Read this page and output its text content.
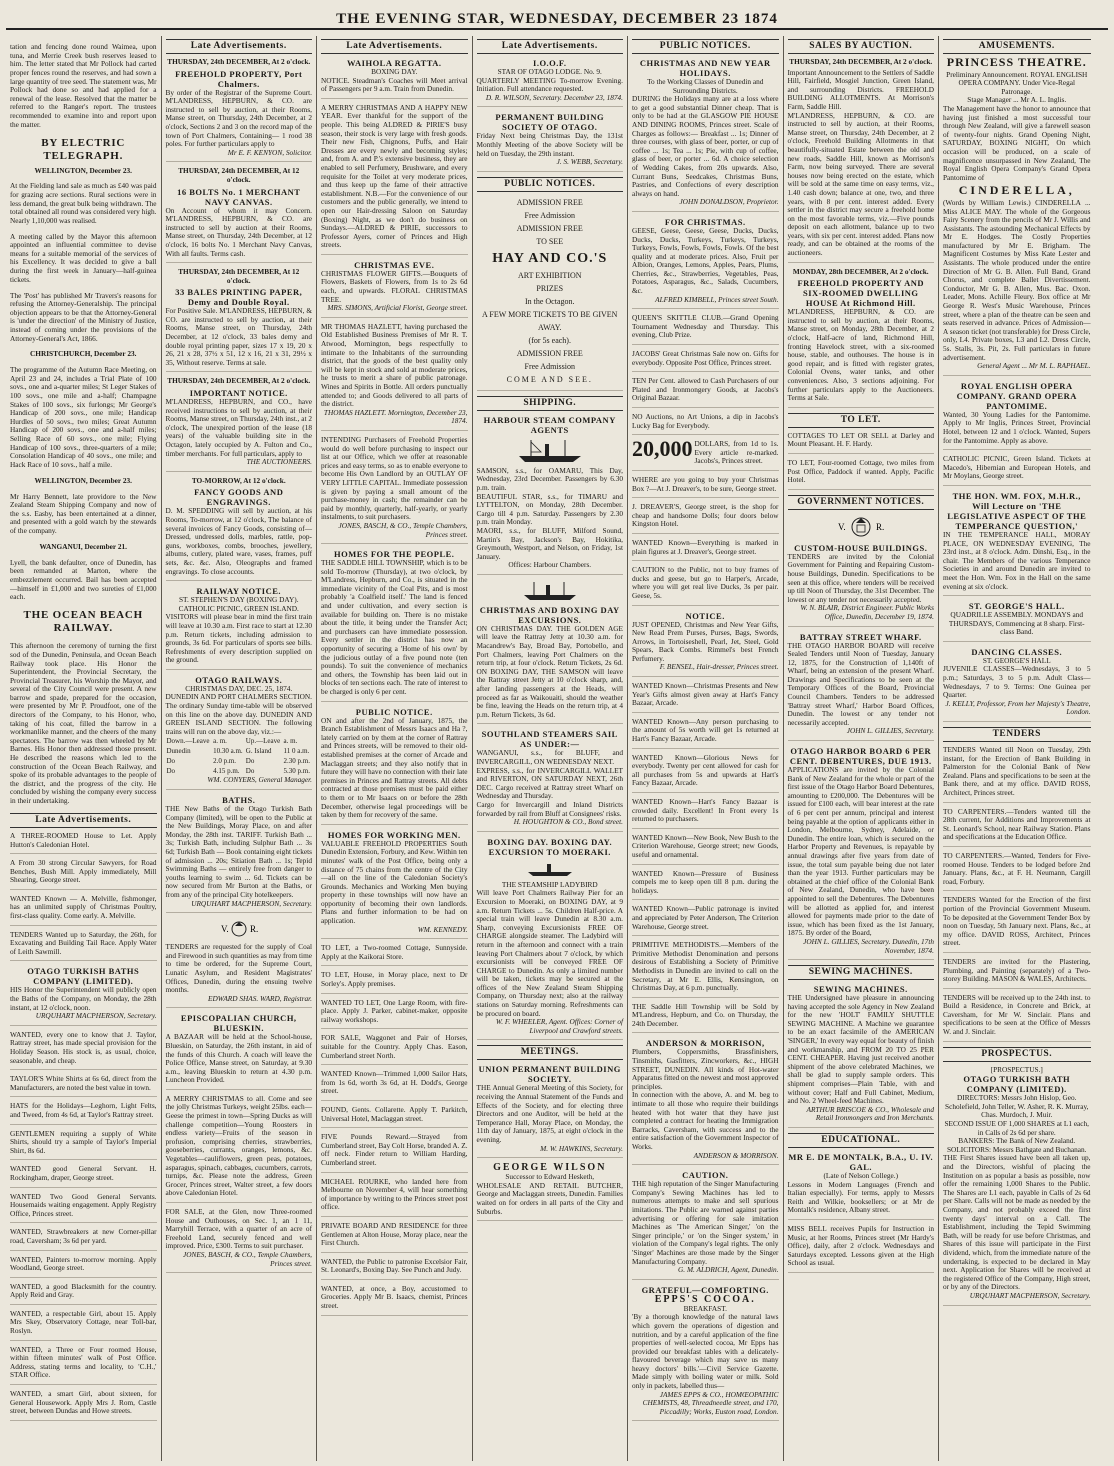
THE EVENING STAR, WEDNESDAY, DECEMBER 23 1874

tation and fencing done round Waimea, upon tuna, and Merrie Creek bush reserves leased to him. The letter stated that Mr Pollock had carted proper fences round the reserves, and had sown a large quantity of tree seed. The statement was, Mr Pollock had done so and had applied for a renewal of the lease. Resolved that the matter be referred to the Ranger's report. The trustees recommended to examine into and report upon the matter.

BY ELECTRIC TELEGRAPH.
WELLINGTON, December 23.

At the Fielding land sale as much as £40 was paid for grazing acre sections. Rural sections were in less demand, the great bulk being withdrawn. The total obtained all round was considered very high. Nearly 1,10,000 was realised.

A meeting called by the Mayor this afternoon appointed an influential committee to devise means for a suitable memorial of the services of his Excellency. It was decided to give a ball during the first week in January—half-guinea tickets.

The 'Post' has published Mr Travers's reasons for refusing the Attorney-Generalship. The principal objection appears to be that the Attorney-General is 'under the direction' of the Ministry of Justice, instead of coming under the provisions of the Attorney-General's Act, 1866.

CHRISTCHURCH, December 23.

The programme of the Autumn Race Meeting, on April 23 and 24, includes a Trial Plate of 100 sovs., one and a-quarter miles; St Leger Stakes of 100 sovs., one mile and a-half; Champagne Stakes of 100 sovs., six furlongs; Mr George's Handicap of 200 sovs., one mile; Handicap Hurdles of 50 sovs., two miles; Great Autumn Handicap of 200 sovs., one and a-half miles; Selling Race of 60 sovs., one mile; Flying Handicap of 100 sovs., three-quarters of a mile; Consolation Handicap of 40 sovs., one mile; and Hack Race of 10 sovs., half a mile.

WELLINGTON, December 23.

Mr Harry Bennett, late providore to the New Zealand Steam Shipping Company and now of the s.s. Easby, has been entertained at a dinner, and presented with a gold watch by the stewards of the company.

WANGANUI, December 21.

Lyell, the bank defaulter, once of Dunedin, has been remanded at Marton, where the embezzlement occurred. Bail has been accepted—himself in £1,000 and two sureties of £1,000 each.

THE OCEAN BEACH RAILWAY.

This afternoon the ceremony of turning the first sod of the Dunedin, Peninsula, and Ocean Beach Railway took place. His Honor the Superintendent, the Provincial Secretary, the Provincial Treasurer, his Worship the Mayor, and several of the City Council were present. A new barrow and spade, prepared for the occasion, were presented by Mr P. Proudfoot, one of the directors of the Company, to his Honor, who, taking of his coat, filled the barrow in a workmanlike manner, and the cheers of the many spectators. The barrow was then wheeled by Mr Barnes. His Honor then addressed those present. He described the reasons which led to the construction of the Ocean Beach Railway, and spoke of its probable advantages to the people of the district, and the progress of the city. He concluded by wishing the company every success in their undertaking.

Late Advertisements.

A THREE-ROOMED House to Let. Apply Hutton's Caledonian Hotel.

A From 30 strong Circular Sawyers, for Road Benches, Bush Mill. Apply immediately, Mill Shearing, George street.

WANTED Known — A. Melville, fishmonger, has an unlimited supply of Christmas Poultry, first-class quality. Come early. A. Melville.

TENDERS Wanted up to Saturday, the 26th, for Excavating and Building Tail Race. Apply Water of Leith Sawmill.

OTAGO TURKISH BATHS COMPANY (LIMITED).

HIS Honor the Superintendent will publicly open the Baths of the Company, on Monday, the 28th instant, at 12 o'clock, noon.

URQUHART MACPHERSON, Secretary.

WANTED, every one to know that J. Taylor, Rattray street, has made special provision for the Holiday Season. His stock is, as usual, choice, seasonable, and cheap.

TAYLOR'S White Shirts at 6s 6d, direct from the Manufacturers, are noted the best value in town.

HATS for the Holidays—Leghorn, Light Felts, and Tweed, from 4s 6d, at Taylor's Rattray street.

GENTLEMEN requiring a supply of White Shirts, should try a sample of Taylor's Imperial Shirt, 8s 6d.

WANTED good General Servant. H. Rockingham, draper, George street.

WANTED Two Good General Servants. Housemaids waiting engagement. Apply Registry Office, Princes street.

WANTED, Strawbreakers at new Corner-pillar road, Caversham; 3s 6d per yard.

WANTED, Painters to-morrow morning. Apply Woodland, George street.

WANTED, a good Blacksmith for the country. Apply Reid and Gray.

WANTED, a respectable Girl, about 15. Apply Mrs Skey, Observatory Cottage, near Toll-bar, Roslyn.

WANTED, a Three or Four roomed House, within fifteen minutes' walk of Post Office. Address, stating terms and locality, to 'C.H.,' STAR Office.

WANTED, a smart Girl, about sixteen, for General Housework. Apply Mrs J. Rom, Castle street, between Dundas and Howe streets.

Late Advertisements.
THURSDAY, 24th DECEMBER, At 2 o'clock.
FREEHOLD PROPERTY, Port Chalmers.

By order of the Registrar of the Supreme Court. M'LANDRESS, HEPBURN, & CO. are instructed to sell by auction, at their Rooms, Manse street, on Thursday, 24th December, at 2 o'clock, Sections 2 and 3 on the record map of the town of Port Chalmers, Containing— 1 rood 38 poles. For further particulars apply to

Mr E. F. KENYON, Solicitor.
THURSDAY, 24th DECEMBER, At 12 o'clock.
16 BOLTS No. 1 MERCHANT NAVY CANVAS.

On Account of whom it may Concern. M'LANDRESS, HEPBURN, & CO. are instructed to sell by auction at their Rooms, Manse street, on Thursday, 24th December, at 12 o'clock, 16 bolts No. 1 Merchant Navy Canvas, With all faults. Terms cash.

THURSDAY, 24th DECEMBER, At 12 o'clock.
33 BALES PRINTING PAPER, Demy and Double Royal.

For Positive Sale. M'LANDRESS, HEPBURN, & CO. are instructed to sell by auction, at their Rooms, Manse street, on Thursday, 24th December, at 12 o'clock, 33 bales demy and double royal printing paper, sizes 17 x 19, 20 x 26, 21 x 28, 37½ x 51, 12 x 16, 21 x 31, 29½ x 35, Without reserve. Terms at sale.

THURSDAY, 24th DECEMBER, At 2 o'clock.
IMPORTANT NOTICE.

M'LANDRESS, HEPBURN, and CO., have received instructions to sell by auction, at their Rooms, Manse street, on Thursday, 24th inst., at 2 o'clock, The unexpired portion of the lease (18 years) of the valuable building site in the Octagon, lately occupied by A. Fulton and Co., timber merchants. For full particulars, apply to

THE AUCTIONEERS.
TO-MORROW, At 12 o'clock.
FANCY GOODS AND ENGRAVINGS.

D. M. SPEDDING will sell by auction, at his Rooms, To-morrow, at 12 o'clock, The balance of several invoices of Fancy Goods, consisting of— Dressed, undressed dolls, marbles, rattle, pop-guns, workboxes, combs, brooches, jewellery, albums, cutlery, plated ware, vases, frames, puff sets, &c. &c. Also, Oleographs and framed engravings. To close accounts.

RAILWAY NOTICE.
ST. STEPHEN'S DAY (BOXING DAY). CATHOLIC PICNIC, GREEN ISLAND.

VISITORS will please bear in mind the first train will leave at 10.30 a.m. First race to start at 12.30 p.m. Return tickets, including admission to grounds, 3s 6d. For particulars of sports see bills. Refreshments of every description supplied on the ground.

OTAGO RAILWAYS.
CHRISTMAS DAY, DEC. 25, 1874.

DUNEDIN AND PORT CHALMERS SECTION. The ordinary Sunday time-table will be observed on this line on the above day. DUNEDIN AND GREEN ISLAND SECTION. The following trains will run on the above day, viz.:—

Down.—Leave	a. m.	Up.—Leave	a. m.
Dunedin	10.30 a.m.	G. Island	11 0 a.m.
Do	2.0 p.m.	Do	2.30 p.m.
Do	4.15 p.m.	Do	5.30 p.m.
WM. CONYERS, General Manager.
BATHS.

THE New Baths of the Otago Turkish Bath Company (limited), will be open to the Public at the New Buildings, Moray Place, on and after Monday, the 28th inst. TARIFF. Turkish Bath ... 3s; Turkish Bath, including Sulphur Bath ... 3s 6d; Turkish Bath — Book containing eight tickets of admission ... 20s; Sitiation Bath ... 1s; Tepid Swimming Baths — entirely free from danger to youths learning to swim ... 6d. Tickets can be now secured from Mr Burton at the Baths, or from any of the principal City hotelkeepers.

URQUHART MACPHERSON, Secretary.
V. R.

TENDERS are requested for the supply of Coal and Firewood in such quantities as may from time to time be ordered, for the Supreme Court, Lunatic Asylum, and Resident Magistrates' Offices, Dunedin, during the ensuing twelve months.

EDWARD SHAS. WARD, Registrar.
EPISCOPALIAN CHURCH, BLUESKIN.

A BAZAAR will be held at the School-house, Blueskin, on Saturday, the 26th instant, in aid of the funds of this Church. A coach will leave the Police Office, Manse street, on Saturday, at 9.30 a.m., leaving Blueskin to return at 4.30 p.m. Luncheon Provided.

A MERRY CHRISTMAS to all. Come and see the jolly Christmas Turkeys, weight 25lbs. each—Geese the primest in town—Spring Ducks as will challenge competition—Young Roosters in endless variety—Fruits of the season in profusion, comprising cherries, strawberries, gooseberries, currants, oranges, lemons, &c. Vegetables—cauliflowers, green peas, potatoes, asparagus, spinach, cabbages, cucumbers, carrots, turnips, &c. Please note the address, Green Grocer, Princes street, Walter street, a few doors above Caledonian Hotel.

FOR SALE, at the Glen, now Three-roomed House and Outhouses, on Sec. 1, an 1 11, Marryhill Terrace, with a quarter of an acre of Freehold Land, securely fenced and well improved. Price, £300. Terms to suit purchaser.

JONES, BASCH, & CO., Temple Chambers, Princes street.
Late Advertisements.
WAIHOLA REGATTA.
BOXING DAY.

NOTICE. Steadman's Coaches will Meet arrival of Passengers per 9 a.m. Train from Dunedin.

A MERRY CHRISTMAS AND A HAPPY NEW YEAR. Ever thankful for the support of the people. This being ALDRED & PIRIE'S busy season, their stock is very large with fresh goods. Their new Fish, Chignons, Puffs, and Hair Dresses are every newly and becoming styles; and, from A. and P.'s extensive business, they are enabled to sell Perfumery, Brushware, and every requisite for the Toilet at very moderate prices, and thus keep up the fame of their attractive establishment. N.B.—For the convenience of our customers and the public generally, we intend to open our Hair-dressing Saloon on Saturday (Boxing) Night, as we don't do business on Sundays.—ALDRED & PIRIE, successors to Professor Ayers, corner of Princes and High streets.

CHRISTMAS EVE.

CHRISTMAS FLOWER GIFTS.—Bouquets of Flowers, Baskets of Flowers, from 1s to 2s 6d each, and upwards. FLORAL CHRISTMAS TREE.

MRS. SIMONS, Artificial Florist, George street.

MR THOMAS HAZLETT, having purchased the Old Established Business Premises of Mr R. T. Atwood, Mornington, begs respectfully to intimate to the Inhabitants of the surrounding district, that the goods of the best quality only will be kept in stock and sold at moderate prices, he trusts to merit a share of public patronage. Wines and Spirits in Bottle. All orders punctually attended to; and Goods delivered to all parts of the district.

THOMAS HAZLETT. Mornington, December 23, 1874.

INTENDING Purchasers of Freehold Properties would do well before purchasing to inspect our list at our Office, which we offer at reasonable prices and easy terms, so as to enable everyone to become His Own Landlord by an OUTLAY OF VERY LITTLE CAPITAL. Immediate possession is given by paying a small amount of the purchase-money in cash; the remainder can be paid by monthly, quarterly, half-yearly, or yearly instalments, to suit purchasers.

JONES, BASCH, & CO., Temple Chambers, Princes street.
HOMES FOR THE PEOPLE.

THE SADDLE HILL TOWNSHIP, which is to be sold To-morrow (Thursday), at two o'clock, by M'Landress, Hepburn, and Co., is situated in the immediate vicinity of the Coal Pits, and is most probably 'a Coalfield itself.' The land is fenced and under cultivation, and every section is available for building on. There is no mistake about the title, it being under the Transfer Act; and purchasers can have immediate possession. Every settler in the district has now an opportunity of securing a 'Home of his own' by the judicious outlay of a five pound note (ten pounds). To suit the convenience of mechanics and others, the Township has been laid out in blocks of ten sections each. The rate of interest to be charged is only 6 per cent.

PUBLIC NOTICE.

ON and after the 2nd of January, 1875, the Branch Establishment of Messrs Isaacs and Ha ?, lately carried on by them at the corner of Rattray and Princes streets, will be removed to their old-established premises at the corner of Arcade and Maclaggan streets; and they also notify that in future they will have no connection with their late premises in Princes and Rattray streets. All debts contracted at those premises must be paid either to them or to Mr Isaacs on or before the 28th December, otherwise legal proceedings will be taken by them for recovery of the same.

HOMES FOR WORKING MEN.

VALUABLE FREEHOLD PROPERTIES South Dunedin Extension, Forbury, and Kew. Within ten minutes' walk of the Post Office, being only a distance of 75 chains from the centre of the City—all on the line of the Caledonian Society's Grounds. Mechanics and Working Men buying property in these townships will now have an opportunity of becoming their own landlords. Plans and further information to be had on application.

WM. KENNEDY.

TO LET, a Two-roomed Cottage, Sunnyside. Apply at the Kaikorai Store.

TO LET, House, in Moray place, next to Dr Sorley's. Apply premises.

WANTED TO LET, One Large Room, with fire-place. Apply J. Parker, cabinet-maker, opposite railway workshops.

FOR SALE, Waggonet and Pair of Horses, suitable for the Country. Apply Chas. Eason, Cumberland street North.

WANTED Known—Trimmed 1,000 Sailor Hats, from 1s 6d, worth 3s 6d, at H. Dodd's, George street.

FOUND, Gents. Collarette. Apply T. Parkitch, Universal Hotel, Maclaggan street.

FIVE Pounds Reward.—Strayed from Cumberland street, Bay Colt Horse, branded A. Z. off neck. Finder return to William Harding, Cumberland street.

MICHAEL ROURKE, who landed here from Melbourne on November 4, will hear something of importance by writing to the Princes street post office.

PRIVATE BOARD AND RESIDENCE for three Gentlemen at Alton House, Moray place, near the First Church.

WANTED, the Public to patronise Excelsior Fair, St. Leonard's, Boxing Day. See Punch and Judy.

WANTED, at once, a Boy, accustomed to Groceries. Apply Mr B. Isaacs, chemist, Princes street.

Late Advertisements.
I.O.O.F.
STAR OF OTAGO LODGE. No. 9.

QUARTERLY MEETING To-morrow Evening. Initiation. Full attendance requested.

D. R. WILSON, Secretary. December 23, 1874.
PERMANENT BUILDING SOCIETY OF OTAGO.

Friday Next being Christmas Day, the 131st Monthly Meeting of the above Society will be held on Tuesday, the 29th instant.

J. S. WEBB, Secretary.
PUBLIC NOTICES.
ADMISSION FREE
Free Admission
ADMISSION FREE
TO SEE
HAY AND CO.'S
ART EXHIBITION
PRIZES
In the Octagon.
A FEW MORE TICKETS TO BE GIVEN AWAY.
(for 5s each).
ADMISSION FREE
Free Admission
COME AND SEE.
SHIPPING.
HARBOUR STEAM COMPANY AGENTS

SAMSON, s.s., for OAMARU, This Day, Wednesday, 23rd December. Passengers by 6.30 p.m. train.

BEAUTIFUL STAR, s.s., for TIMARU and LYTTELTON, on Monday, 28th December. Cargo till 4 p.m. Saturday. Passengers by 2.30 p.m. train Monday.

MAORI, s.s., for BLUFF, Milford Sound, Martin's Bay, Jackson's Bay, Hokitika, Greymouth, Westport, and Nelson, on Friday, 1st January.

Offices: Harbour Chambers.
CHRISTMAS AND BOXING DAY EXCURSIONS.

ON CHRISTMAS DAY. THE GOLDEN AGE will leave the Rattray Jetty at 10.30 a.m. for Macandrew's Bay, Broad Bay, Portobello, and Port Chalmers, leaving Port Chalmers on the return trip, at four o'clock. Return Tickets, 2s 6d. ON BOXING DAY, THE SAMSON will leave the Rattray street Jetty at 10 o'clock sharp, and, after landing passengers at the Heads, will proceed as far as Waikouaiti, should the weather be fine, leaving the Heads on the return trip, at 4 p.m. Return Tickets, 3s 6d.

SOUTHLAND STEAMERS SAIL AS UNDER:—

WANGANUI, s.s., for BLUFF, and INVERCARGILL, ON WEDNESDAY NEXT.

EXPRESS, s.s., for INVERCARGILL WALLET and RIVERTON, ON SATURDAY NEXT, 26th DEC. Cargo received at Rattray street Wharf on Wednesday and Thursday.

Cargo for Invercargill and Inland Districts forwarded by rail from Bluff at Consignees' risks.

H. HOUGHTON & CO., Bond street.
BOXING DAY. BOXING DAY. EXCURSION TO MOERAKI.
THE STEAMSHIP LADYBIRD

Will leave Port Chalmers Railway Pier for an Excursion to Moeraki, on BOXING DAY, at 9 a.m. Return Tickets ... 5s. Children Half-price. A special train will leave Dunedin at 8.30 a.m. Sharp, conveying Excursionists FREE OF CHARGE alongside steamer. The Ladybird will return in the afternoon and connect with a train leaving Port Chalmers about 7 o'clock, by which excursionists will be conveyed FREE OF CHARGE to Dunedin. As only a limited number will be taken, tickets may be secured at the offices of the New Zealand Steam Shipping Company, on Thursday next; also at the railway stations on Saturday morning. Refreshments can be procured on board.

W. F. WHEELER, Agent. Offices: Corner of Liverpool and Crawford streets.
MEETINGS.
UNION PERMANENT BUILDING SOCIETY.

THE Annual General Meeting of this Society, for receiving the Annual Statement of the Funds and Effects of the Society, and for electing three Directors and one Auditor, will be held at the Temperance Hall, Moray Place, on Monday, the 11th day of January, 1875, at eight o'clock in the evening.

M. W. HAWKINS, Secretary.
GEORGE WILSON
Successor to Edward Hesketh,

WHOLESALE AND RETAIL BUTCHER, George and Maclaggan streets, Dunedin. Families waited on for orders in all parts of the City and Suburbs.

PUBLIC NOTICES.
CHRISTMAS AND NEW YEAR HOLIDAYS.
To the Working Classes of Dunedin and Surrounding Districts.

DURING the Holidays many are at a loss where to get a good substantial Dinner cheap. That is only to be had at the GLASGOW PIE HOUSE AND DINING ROOMS, Princes street. Scale of Charges as follows:— Breakfast ... 1s; Dinner of three courses, with glass of beer, porter, or cup of coffee ... 1s; Tea ... 1s; Pie, with cup of coffee, glass of beer, or porter ... 6d. A choice selection of Wedding Cakes, from 20s upwards. Also, Currant Buns, Seedcakes, Christmas Buns, Pastries, and Confections of every description always on hand.

JOHN DONALDSON, Proprietor.
FOR CHRISTMAS.

GEESE, Geese, Geese, Geese, Ducks, Ducks, Ducks, Ducks, Turkeys, Turkeys, Turkeys, Turkeys, Fowls, Fowls, Fowls, Fowls. Of the best quality and at moderate prices. Also, Fruit per Albion, Oranges, Lemons, Apples, Pears, Plums, Cherries, &c., Strawberries, Vegetables, Peas, Potatoes, Asparagus, &c., Salads, Cucumbers, &c.

ALFRED KIMBELL, Princes street South.

QUEEN'S SKITTLE CLUB.—Grand Opening Tournament Wednesday and Thursday. This evening, Club Prize.

JACOBS' Great Christmas Sale now on. Gifts for everybody. Opposite Post Office, Princes street.

TEN Per Cent. allowed to Cash Purchasers of our Plated and Ironmongery Goods, at Jacobs's Original Bazaar.

NO Auctions, no Art Unions, a dip in Jacobs's Lucky Bag for Everybody.

20,000 DOLLARS, from 1d to 1s. Every article re-marked. Jacobs's, Princes street.

WHERE are you going to buy your Christmas Box ?—At J. Dreaver's, to be sure, George street.

J. DREAVER'S, George street, is the shop for cheap and handsome Dolls; four doors below Kingston Hotel.

WANTED Known—Everything is marked in plain figures at J. Dreaver's, George street.

CAUTION to the Public, not to buy frames of ducks and geese, but go to Harper's, Arcade, where you will get real live Ducks, 3s per pair. Geese, 5s.

NOTICE.

JUST OPENED, Christmas and New Year Gifts, New Read Prem Purses, Purses, Bags, Swords, Arrows, in Tortoiseshell, Pearl, Jet, Steel, Gold Spears, Back Combs. Rimmel's best French Perfumery.

F. BENSEL, Hair-dresser, Princes street.

WANTED Known—Christmas Presents and New Year's Gifts almost given away at Hart's Fancy Bazaar, Arcade.

WANTED Known—Any person purchasing to the amount of 5s worth will get 1s returned at Hart's Fancy Bazaar, Arcade.

WANTED Known—Glorious News for everybody. Twenty per cent allowed for cash for all purchases from 5s and upwards at Hart's Fancy Bazaar, Arcade.

WANTED Known—Hart's Fancy Bazaar is crowded daily. Excellent! In Front every 1s returned to purchasers.

WANTED Known—New Book, New Bush to the Criterion Warehouse, George street; new Goods, useful and ornamental.

WANTED Known—Pressure of Business compels me to keep open till 8 p.m. during the holidays.

WANTED Known—Public patronage is invited and appreciated by Peter Anderson, The Criterion Warehouse, George street.

PRIMITIVE METHODISTS.—Members of the Primitive Methodist Denomination and persons desirous of Establishing a Society of Primitive Methodists in Dunedin are invited to call on the Secretary, at Mr E. Ellis, Kensington, on Christmas Day, at 6 p.m. punctually.

THE Saddle Hill Township will be Sold by M'Landress, Hepburn, and Co. on Thursday, the 24th December.

ANDERSON & MORRISON,

Plumbers, Coppersmiths, Brassfinishers, Tinsmiths, Gasfitters, Zincworkers, &c., HIGH STREET, DUNEDIN. All kinds of Hot-water Apparatus fitted on the newest and most approved principles.

In connection with the above, A. and M. beg to intimate to all those who require their buildings heated with hot water that they have just completed a contract for heating the Immigration Barracks, Caversham, with success and to the entire satisfaction of the Government Inspector of Works.

ANDERSON & MORRISON.
CAUTION.

THE high reputation of the Singer Manufacturing Company's Sewing Machines has led to numerous attempts to make and sell spurious imitations. The Public are warned against parties advertising or offering for sale imitation Machines as 'The American Singer,' 'on the Singer principle,' or 'on the Singer system,' in violation of the Company's legal rights. The only 'Singer' Machines are those made by the Singer Manufacturing Company.

G. M. ALDRICH, Agent, Dunedin.
GRATEFUL—COMFORTING.
EPPS'S COCOA.
BREAKFAST.

'By a thorough knowledge of the natural laws which govern the operations of digestion and nutrition, and by a careful application of the fine properties of well-selected cocoa, Mr Epps has provided our breakfast tables with a delicately-flavoured beverage which may save us many heavy doctors' bills.'—Civil Service Gazette. Made simply with boiling water or milk. Sold only in packets, labelled thus—

JAMES EPPS & CO., HOMŒOPATHIC CHEMISTS, 48, Threadneedle street, and 170, Piccadilly; Works, Euston road, London.
SALES BY AUCTION.
THURSDAY, 24th DECEMBER, At 2 o'clock.

Important Announcement to the Settlers of Saddle Hill, Fairfield, Mosgiel Junction, Green Island, and surrounding Districts. FREEHOLD BUILDING ALLOTMENTS. At Morrison's Farm, Saddle Hill.

M'LANDRESS, HEPBURN, & CO. are instructed to sell by auction, at their Rooms, Manse street, on Thursday, 24th December, at 2 o'clock, Freehold Building Allotments in that beautifully-situated Estate between the old and new roads, Saddle Hill, known as Morrison's Farm, now being surveyed. There are several houses now being erected on the estate, which will be sold at the same time on easy terms, viz., 1.40 cash down; balance at one, two, and three years, with 8 per cent. interest added. Every settler in the district may secure a freehold home on the most favorable terms, viz.—Five pounds deposit on each allotment, balance up to two years, with six per cent. interest added. Plans now ready, and can be obtained at the rooms of the auctioneers.

MONDAY, 28th DECEMBER, At 2 o'clock.
FREEHOLD PROPERTY AND SIX-ROOMED DWELLING HOUSE At Richmond Hill.

M'LANDRESS, HEPBURN, & CO. are instructed to sell by auction, at their Rooms, Manse street, on Monday, 28th December, at 2 o'clock, Half-acre of land, Richmond Hill, fronting Havelock street, with a six-roomed house, stable, and outhouses. The house is in good repair, and is fitted with register grates, Colonial Ovens, water tanks, and other conveniences. Also, 3 sections adjoining. For further particulars apply to the Auctioneers. Terms at Sale.

TO LET.

COTTAGES TO LET OR SELL at Darley and Mount Pleasant. H. F. Hardy.

TO LET, Four-roomed Cottage, two miles from Post Office, Paddock if wanted. Apply, Pacific Hotel.

GOVERNMENT NOTICES.
V.	R.
CUSTOM-HOUSE BUILDINGS.

TENDERS are invited by the Colonial Government for Painting and Repairing Custom-house Buildings, Dunedin. Specifications to be seen at this office, where tenders will be received up till Noon of Thursday, the 31st December. The lowest or any tender not necessarily accepted.

W. N. BLAIR, District Engineer. Public Works Office, Dunedin, December 19, 1874.
BATTRAY STREET WHARF.

THE OTAGO HARBOR BOARD will receive Sealed Tenders until Noon of Tuesday, January 12, 1875, for the Construction of 1,140ft of Wharf, being an extension of the present Wharf. Drawings and Specifications to be seen at the Temporary Offices of the Board, Provincial Council Chambers. Tenders to be addressed 'Battray street Wharf,' Harbor Board Offices, Dunedin. The lowest or any tender not necessarily accepted.

JOHN L. GILLIES, Secretary.
OTAGO HARBOR BOARD 6 PER CENT. DEBENTURES, DUE 1913.

APPLICATIONS are invited by the Colonial Bank of New Zealand for the whole or part of the first issue of the Otago Harbor Board Debentures, amounting to £200,000. The Debentures will be issued for £100 each, will bear interest at the rate of 6 per cent per annum, principal and interest being payable at the option of applicants either in London, Melbourne, Sydney, Adelaide, or Dunedin. The entire loan, which is secured on the Harbor Property and Revenues, is repayable by annual drawings after five years from date of issue, the total sum payable being due not later than the year 1913. Further particulars may be obtained at the chief office of the Colonial Bank of New Zealand, Dunedin, who have been appointed to sell the Debentures. The Debentures will be allotted as applied for, and interest allowed for payments made prior to the date of issue, which has been fixed as the 1st January, 1875. By order of the Board,

JOHN L. GILLIES, Secretary. Dunedin, 17th November, 1874.
SEWING MACHINES.
SEWING MACHINES.

THE Undersigned have pleasure in announcing having accepted the sole Agency in New Zealand for the new 'HOLT' FAMILY SHUTTLE SEWING MACHINE. A Machine we guarantee to be an exact facsimile of the AMERICAN 'SINGER,' In every way equal for beauty of finish and workmanship, and FROM 20 TO 25 PER CENT. CHEAPER. Having just received another shipment of the above celebrated Machines, we shall be glad to supply sample orders. This shipment comprises—Plain Table, with and without cover; Half and Full Cabinet, Medium, and No. 2 Wheel-feed Machines.

ARTHUR BRISCOE & CO., Wholesale and Retail Ironmongers and Iron Merchants.
EDUCATIONAL.
MR E. DE MONTALK, B.A., U. IV. GAL.
(Late of Nelson College.)

Lessons in Modern Languages (French and Italian especially). For terms, apply to Messrs Reith and Wilkie, booksellers; or at Mr de Montalk's residence, Albany street.

MISS BELL receives Pupils for Instruction in Music, at her Rooms, Princes street (Mr Hardy's Office), daily, after 2 o'clock. Wednesdays and Saturdays excepted. Lessons given at the High School as usual.

AMUSEMENTS.
PRINCESS THEATRE.
Preliminary Announcement. ROYAL ENGLISH OPERA COMPANY. Under Vice-Regal Patronage.
Stage Manager ... Mr A. L. Inglis.

The Management have the honor to announce that having just finished a most successful tour through New Zealand, will give a farewell season of twenty-four nights. Grand Opening Night, SATURDAY, BOXING NIGHT, On which occasion will be produced, on a scale of magnificence unsurpassed in New Zealand, The Royal English Opera Company's Grand Opera Pantomime of

CINDERELLA,

(Words by William Lewis.) CINDERELLA ... Miss ALICE MAY. The whole of the Gorgeous Fairy Scenery from the pencils of Mr J. Willis and Assistants. The astounding Mechanical Effects by Mr E. Hodges. The Costly Properties manufactured by Mr E. Brigham. The Magnificent Costumes by Miss Kate Lester and Assistants. The whole produced under the entire Direction of Mr G. B. Allen. Full Band, Grand Chorus, and complete Ballet Divertissement. Conductor, Mr G. B. Allen, Mus. Bac. Oxon. Leader, Mons. Achille Fleury. Box office at Mr George R. West's Music Warehouse, Princes street, where a plan of the theatre can be seen and seats reserved in advance. Prices of Admission—A season ticket (not transferable) for Dress Circle, only, L4. Private boxes, L3 and L2. Dress Circle, 5s. Stalls, 3s. Pit, 2s. Full particulars in future advertisement.

General Agent ... Mr M. L. RAPHAEL.
ROYAL ENGLISH OPERA COMPANY. GRAND OPERA PANTOMIME.

Wanted, 30 Young Ladies for the Pantomime. Apply to Mr Inglis, Princes Street, Provincial Hotel, between 12 and 1 o'clock. Wanted, Supers for the Pantomime. Apply as above.

CATHOLIC PICNIC, Green Island. Tickets at Macedo's, Hibernian and European Hotels, and Mr Moylans, George street.

THE HON. WM. FOX, M.H.R., Will Lecture on 'THE LEGISLATIVE ASPECT OF THE TEMPERANCE QUESTION,'

IN THE TEMPERANCE HALL, MORAY PLACE, ON WEDNESDAY EVENING, The 23rd inst., at 8 o'clock. Adm. Dinshi, Esq., in the chair. The Members of the various Temperance Societies in and around Dunedin are invited to meet the Hon. Wm. Fox in the Hall on the same evening at six o'clock.

ST. GEORGE'S HALL.

QUADRILLE ASSEMBLY. MONDAYS and THURSDAYS, Commencing at 8 sharp. First-class Band.

DANCING CLASSES.
ST. GEORGE'S HALL

JUVENILE CLASSES—Wednesdays, 3 to 5 p.m.; Saturdays, 3 to 5 p.m. Adult Class—Wednesdays, 7 to 9. Terms: One Guinea per Quarter.

J. KELLY, Professor, From her Majesty's Theatre, London.
TENDERS

TENDERS Wanted till Noon on Tuesday, 29th instant, for the Erection of Bank Building in Palmerston for the Colonial Bank of New Zealand. Plans and specifications to be seen at the Bank there, and at my office. DAVID ROSS, Architect, Princes street.

TO CARPENTERS.—Tenders wanted till the 28th current, for Additions and Improvements at St. Leonard's School, near Railway Station. Plans and specifications at the Education Office.

TO CARPENTERS.—Wanted, Tenders for Five-roomed House. Tenders to be lodged before 2nd January. Plans, &c., at F. H. Neumann, Cargill road, Forbury.

TENDERS Wanted for the Erection of the first portion of the Provincial Government Museum. To be deposited at the Government Tender Box by noon on Tuesday, 5th January next. Plans, &c., at my office. DAVID ROSS, Architect, Princes street.

TENDERS are invited for the Plastering, Plumbing, and Painting (separately) of a Two-storey Building. MASON & WALES, Architects.

TENDERS will be received up to the 24th inst. to Build a Residence, in Concrete and Brick, at Caversham, for Mr W. Sinclair. Plans and specifications to be seen at the Office of Messrs W. and J. Sinclair.

PROSPECTUS.
[PROSPECTUS.]
OTAGO TURKISH BATH COMPANY (LIMITED).

DIRECTORS: Messrs John Hislop, Geo. Scholefield, John Teller, W. Asher, R. K. Murray, Chas. Murdoch, J. Muir.

SECOND ISSUE OF 1,000 SHARES at L1 each, in Calls of 2s 6d per share.

BANKERS: The Bank of New Zealand.

SOLICITORS: Messrs Bathgate and Buchanan.

THE First Shares issued have been all taken up, and the Directors, wishful of placing the Institution on as popular a basis as possible, now offer the remaining 1,000 Shares to the Public. The Shares are L1 each, payable in Calls of 2s 6d per Share. Calls will not be made as needed by the Company, and not probably exceed the first twenty days' interval on a Call. The Establishment, including the Tepid Swimming Bath, will be ready for use before Christmas, and Shares of this issue will participate in the First dividend, which, from the immediate nature of the undertaking, is expected to be declared in May next. Application for Shares will be received at the registered Office of the Company, High street, or by any of the Directors.

URQUHART MACPHERSON, Secretary.
